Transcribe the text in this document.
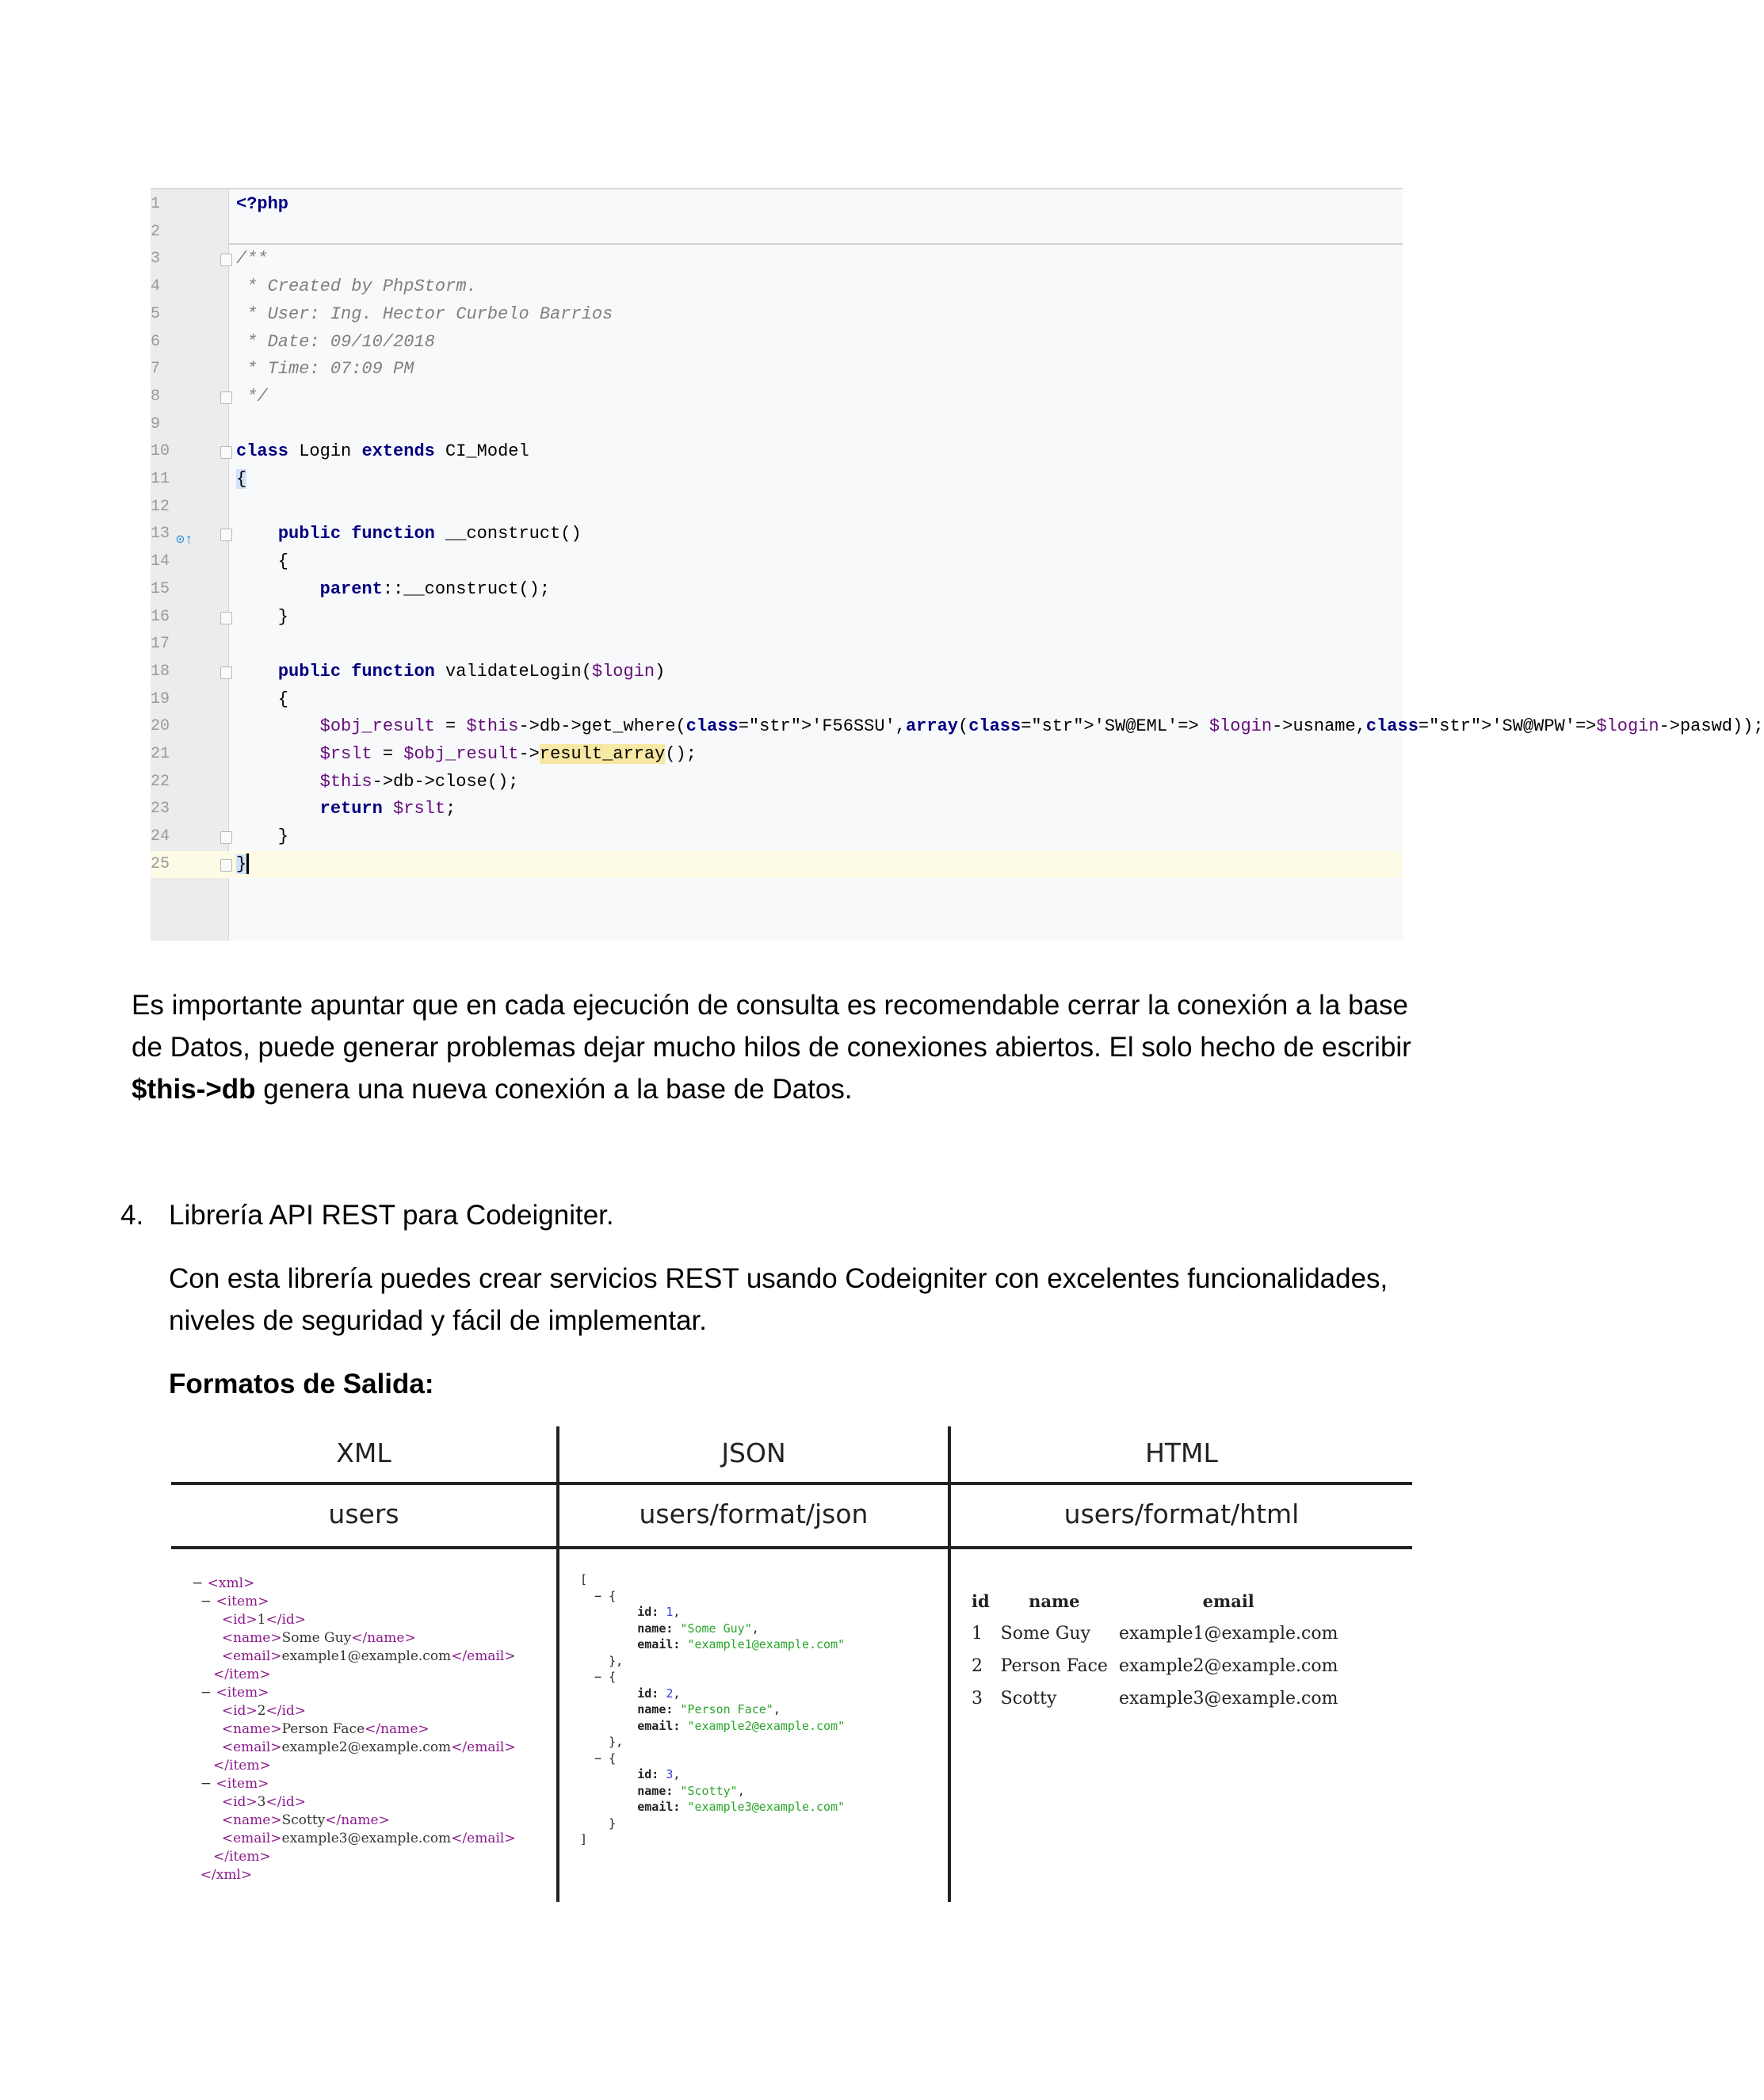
1	<?php
2
3	/**
4	* Created by PhpStorm.
5	* User: Ing. Hector Curbelo Barrios
6	* Date: 09/10/2018
7	* Time: 07:09 PM
8	*/
9
10	class Login extends CI_Model
11	{
12
13 ⊙↑	public function __construct()
14	{
15	parent::__construct();
16	}
17
18	public function validateLogin($login)
19	{
20	$obj_result = $this->db->get_where(class="str">'F56SSU',array(class="str">'SW@EML'=> $login->usname,class="str">'SW@WPW'=>$login->paswd));
21	$rslt = $obj_result->result_array();
22	$this->db->close();
23	return $rslt;
24	}
25	}
Es importante apuntar que en cada ejecución de consulta es recomendable cerrar la conexión a la base
de Datos, puede generar problemas dejar mucho hilos de conexiones abiertos. El solo hecho de escribir
$this->db genera una nueva conexión a la base de Datos.
4. Librería API REST para Codeigniter.
Con esta librería puedes crear servicios REST usando Codeigniter con excelentes funcionalidades,
niveles de seguridad y fácil de implementar.
Formatos de Salida:
XML	JSON	HTML
users	users/format/json	users/format/html
− <xml>
− <item>
<id>1</id>
<name>Some Guy</name>
<email>example1@example.com</email>
</item>
− <item>
<id>2</id>
<name>Person Face</name>
<email>example2@example.com</email>
</item>
− <item>
<id>3</id>
<name>Scotty</name>
<email>example3@example.com</email>
</item>
</xml>
[
− {
id: 1,
name: "Some Guy",
email: "example1@example.com"
},
− {
id: 2,
name: "Person Face",
email: "example2@example.com"
},
− {
id: 3,
name: "Scotty",
email: "example3@example.com"
}
]
id	name	email
1	Some Guy	example1@example.com
2	Person Face	example2@example.com
3	Scotty	example3@example.com
